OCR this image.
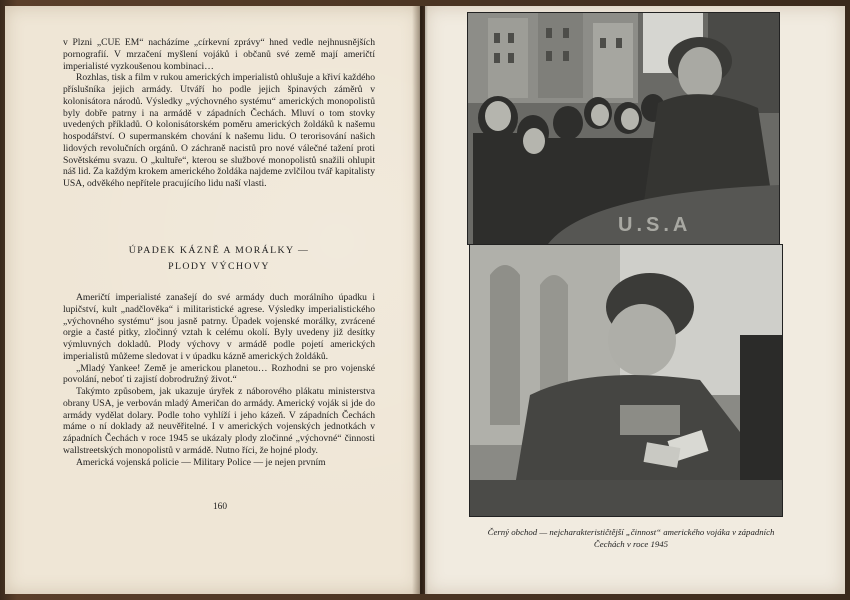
v Plzni „CUE EM“ nacházíme „církevní zprávy“ hned vedle nejhnusnějších pornografií. V mrzačení myšlení vojáků i občanů své země mají američtí imperialisté vyzkoušenou kombinaci…

Rozhlas, tisk a film v rukou amerických imperialistů ohlušuje a křiví každého příslušníka jejich armády. Utváří ho podle jejich špinavých záměrů v kolonisátora národů. Výsledky „výchovného systému“ amerických monopolistů byly dobře patrny i na armádě v západních Čechách. Mluví o tom stovky uvedených příkladů. O kolonisátorském poměru amerických žoldáků k našemu hospodářství. O supermanském chování k našemu lidu. O terorisování našich lidových revolučních orgánů. O záchraně nacistů pro nové válečné tažení proti Sovětskému svazu. O „kultuře“, kterou se službové monopolistů snažili ohlupit náš lid. Za každým krokem amerického žoldáka najdeme zvlčilou tvář kapitalisty USA, odvěkého nepřítele pracujícího lidu naší vlasti.

ÚPADEK KÁZNĚ A MORÁLKY —
PLODY VÝCHOVY

Američtí imperialisté zanašejí do své armády duch morálního úpadku i lupičství, kult „nadčlověka“ i militaristické agrese. Výsledky imperialistického „výchovného systému“ jsou jasně patrny. Úpadek vojenské morálky, zvrácené orgie a časté pitky, zločinný vztah k celému okolí. Byly uvedeny již desítky výmluvných dokladů. Plody výchovy v armádě podle pojetí amerických imperialistů můžeme sledovat i v úpadku kázně amerických žoldáků.

„Mladý Yankee! Země je americkou planetou… Rozhodni se pro vojenské povolání, neboť ti zajistí dobrodružný život.“

Takýmto způsobem, jak ukazuje úryřek z náborového plákatu ministerstva obrany USA, je verbován mladý Američan do armády. Americký voják si jde do armády vydělat dolary. Podle toho vyhlíží i jeho kázeň. V západních Čechách máme o ní doklady až neuvěřitelné. I v amerických vojenských jednotkách v západních Čechách v roce 1945 se ukázaly plody zločinné „výchovné“ činnosti wallstreetských monopolistů v armádě. Nutno říci, že hojné plody.

Americká vojenská policie — Military Police — je nejen prvním

160
U.S.A
Černý obchod — nejcharakterističtější „činnost“ amerického vojáka v západních
Čechách v roce 1945
